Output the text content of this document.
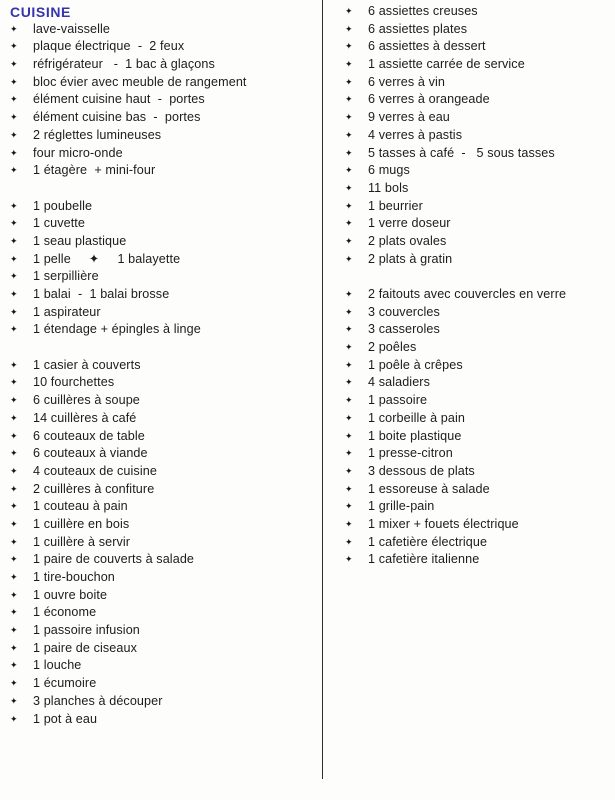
CUISINE
✦	lave-vaisselle
✦	plaque électrique  -  2 feux
✦	réfrigérateur   -  1 bac à glaçons
✦	bloc évier avec meuble de rangement
✦	élément cuisine haut  -  portes
✦	élément cuisine bas  -  portes
✦	2 réglettes lumineuses
✦	four micro-onde
✦	1 étagère  + mini-four
✦	1 poubelle
✦	1 cuvette
✦	1 seau plastique
✦	1 pelle     ✦     1 balayette
✦	1 serpillière
✦	1 balai  -  1 balai brosse
✦	1 aspirateur
✦	1 étendage + épingles à linge
✦	1 casier à couverts
✦	10 fourchettes
✦	6 cuillères à soupe
✦	14 cuillères à café
✦	6 couteaux de table
✦	6 couteaux à viande
✦	4 couteaux de cuisine
✦	2 cuillères à confiture
✦	1 couteau à pain
✦	1 cuillère en bois
✦	1 cuillère à servir
✦	1 paire de couverts à salade
✦	1 tire-bouchon
✦	1 ouvre boite
✦	1 économe
✦	1 passoire infusion
✦	1 paire de ciseaux
✦	1 louche
✦	1 écumoire
✦	3 planches à découper
✦	1 pot à eau
✦	6 assiettes creuses
✦	6 assiettes plates
✦	6 assiettes à dessert
✦	1 assiette carrée de service
✦	6 verres à vin
✦	6 verres à orangeade
✦	9 verres à eau
✦	4 verres à pastis
✦	5 tasses à café  -   5 sous tasses
✦	6 mugs
✦	11 bols
✦	1 beurrier
✦	1 verre doseur
✦	2 plats ovales
✦	2 plats à gratin
✦	2 faitouts avec couvercles en verre
✦	3 couvercles
✦	3 casseroles
✦	2 poêles
✦	1 poêle à crêpes
✦	4 saladiers
✦	1 passoire
✦	1 corbeille à pain
✦	1 boite plastique
✦	1 presse-citron
✦	3 dessous de plats
✦	1 essoreuse à salade
✦	1 grille-pain
✦	1 mixer + fouets électrique
✦	1 cafetière électrique
✦	1 cafetière italienne
